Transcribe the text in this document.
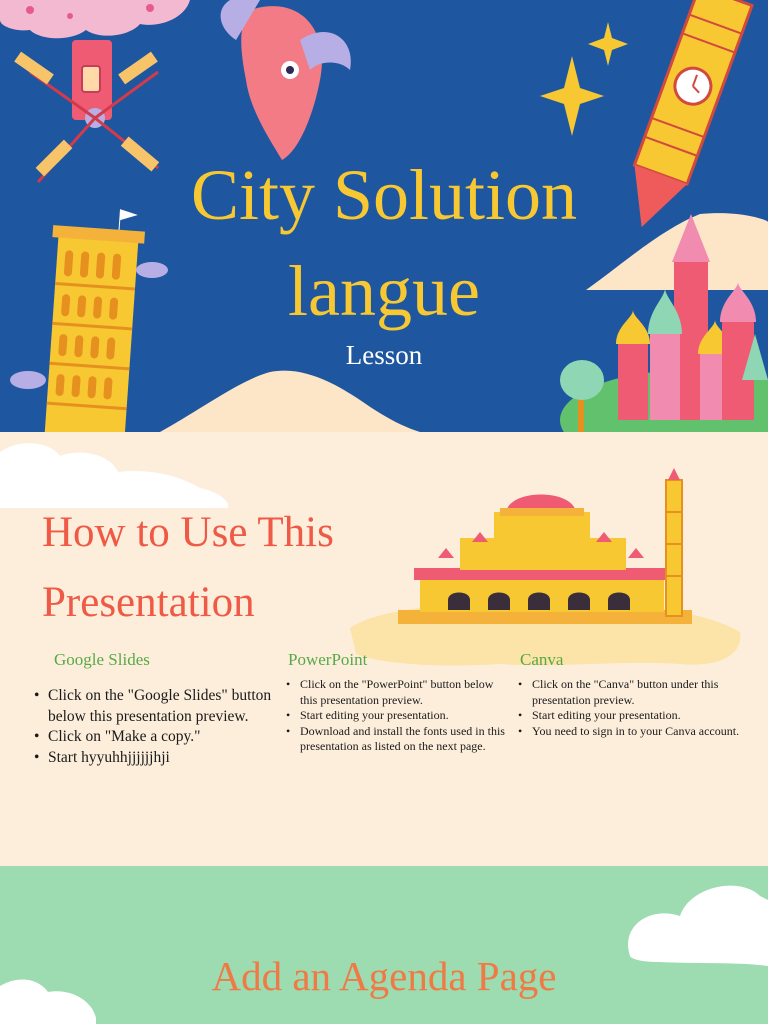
City Solution
langue
Lesson
How to Use This Presentation
Google Slides
• Click on the "Google Slides" button below this presentation preview.
• Click on "Make a copy."
• Start hyyuhhjjjjjjhji
PowerPoint
• Click on the "PowerPoint" button below this presentation preview.
• Start editing your presentation.
• Download and install the fonts used in this presentation as listed on the next page.
Canva
• Click on the "Canva" button under this presentation preview.
• Start editing your presentation.
• You need to sign in to your Canva account.
Add an Agenda Page
